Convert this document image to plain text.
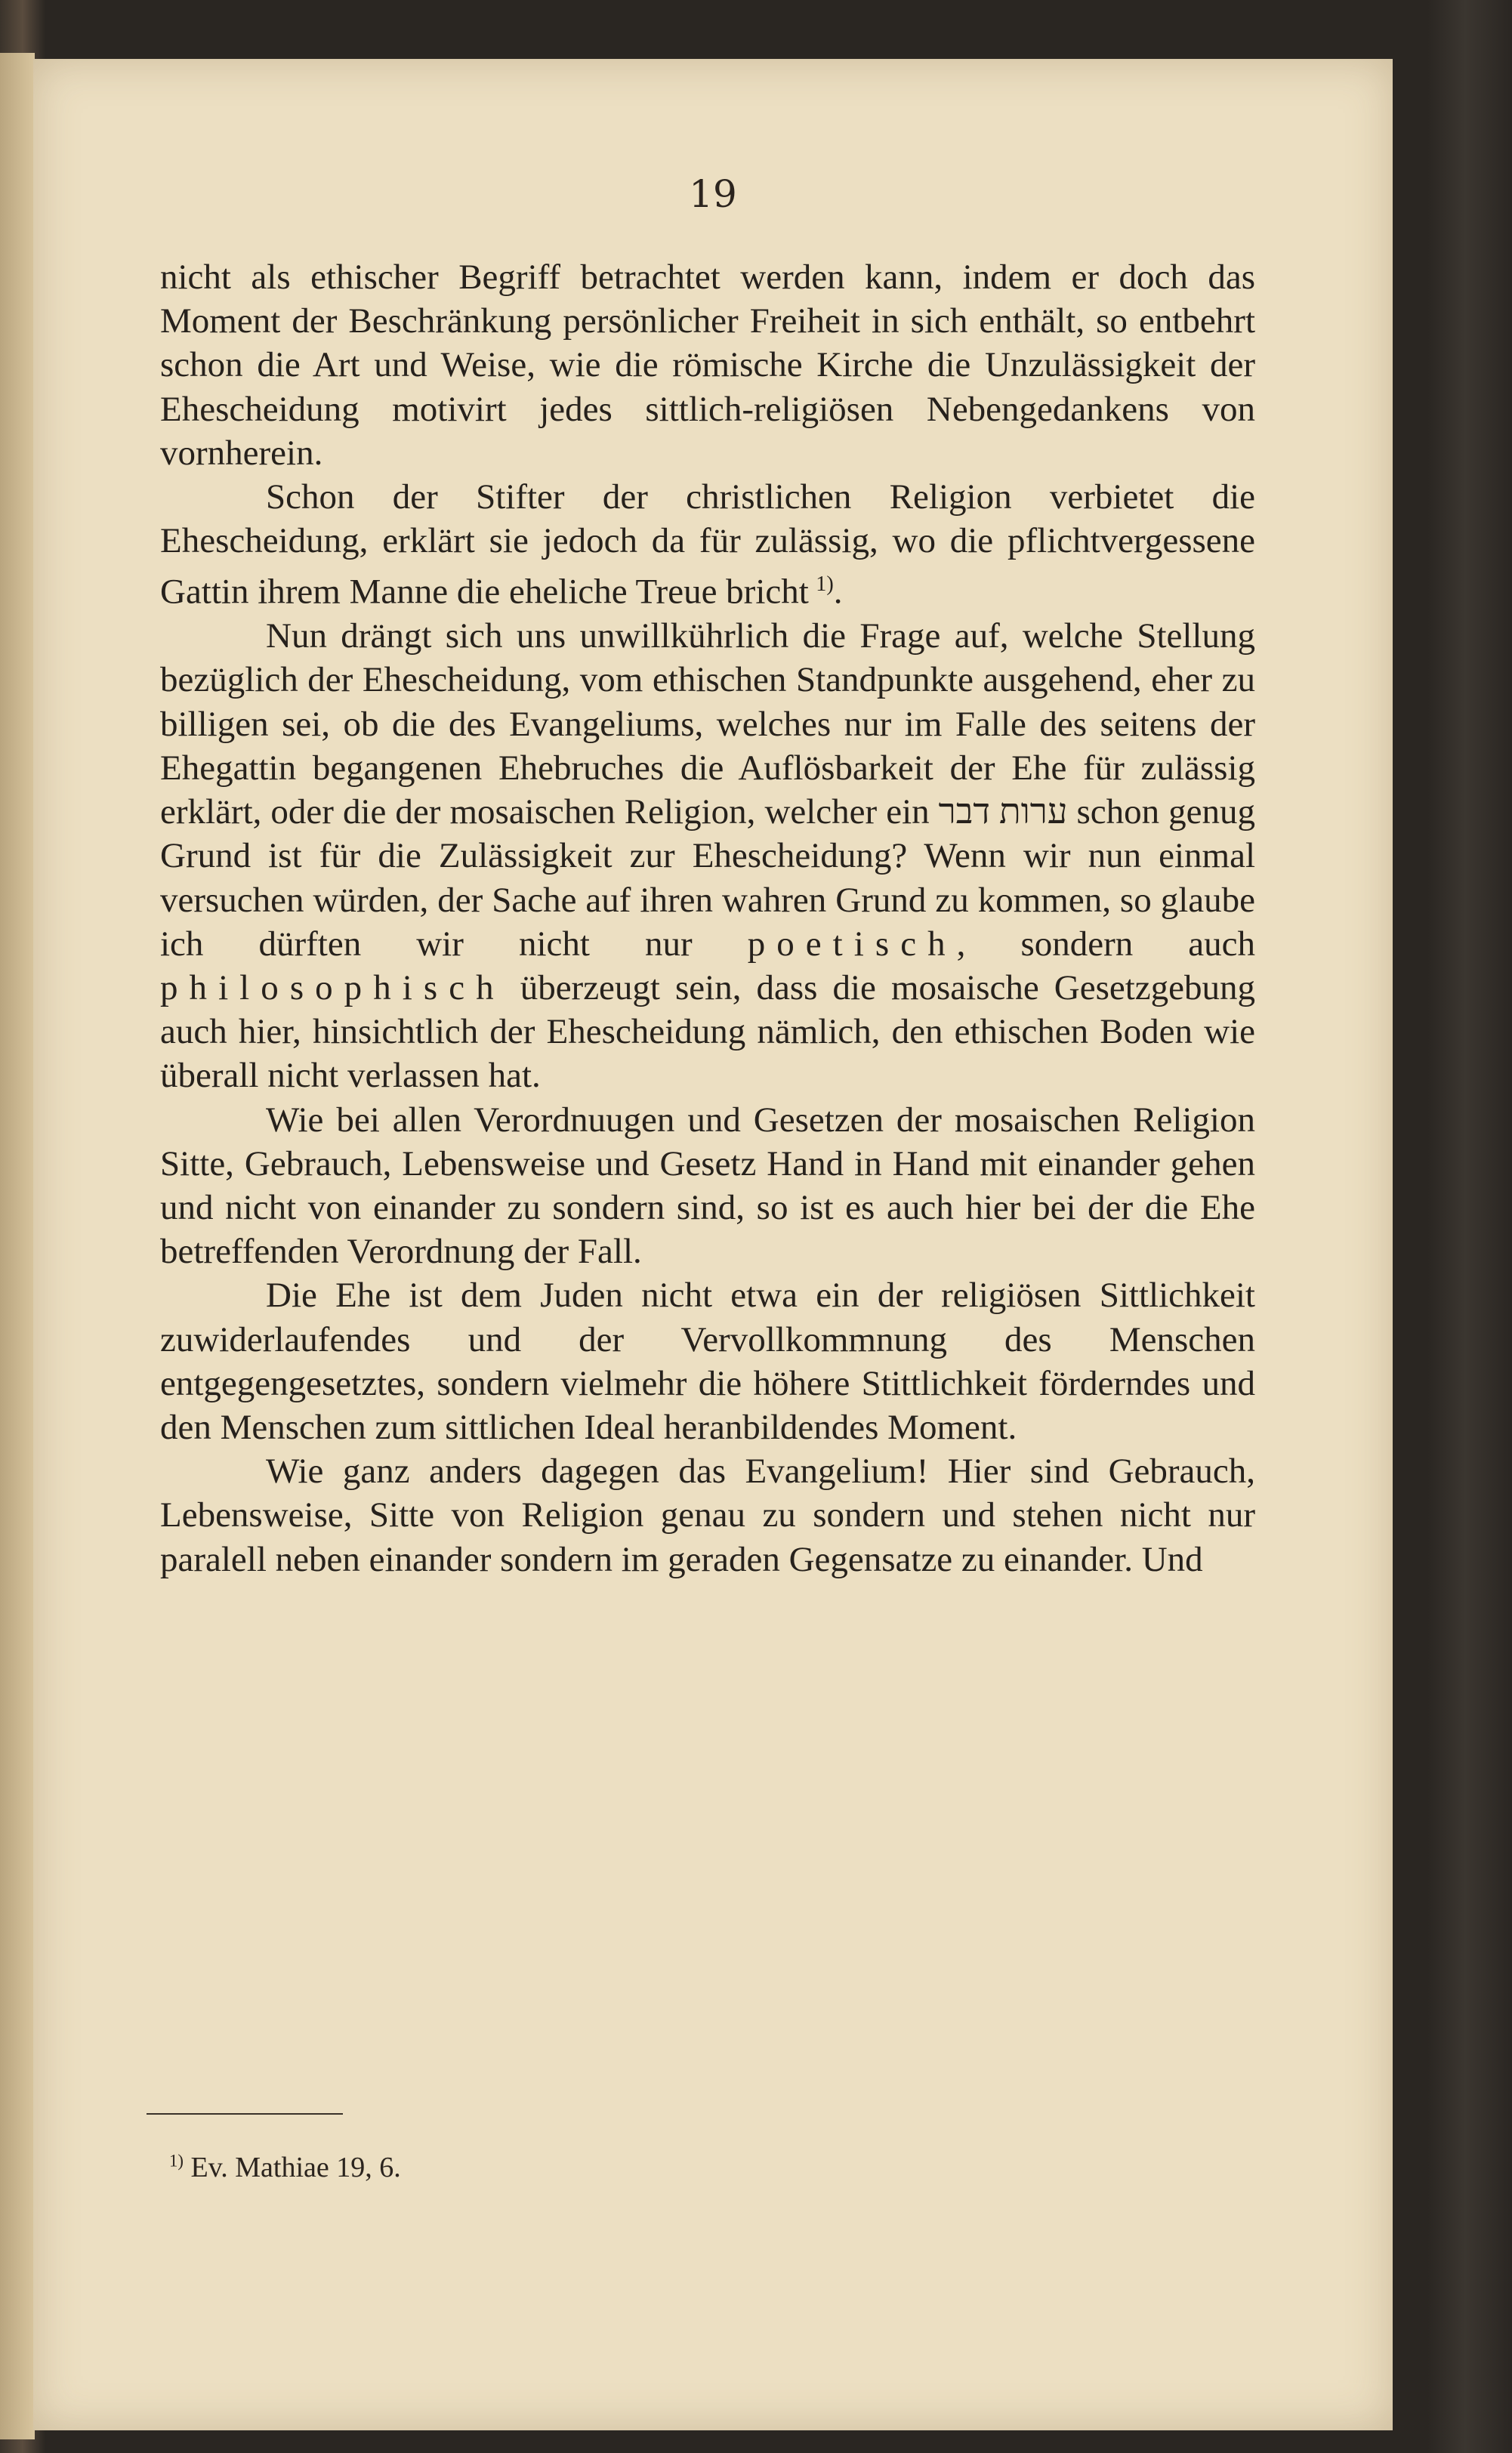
19

nicht als ethischer Begriff betrachtet werden kann, indem er doch das Moment der Beschränkung persönlicher Freiheit in sich enthält, so entbehrt schon die Art und Weise, wie die römische Kirche die Unzulässigkeit der Ehescheidung motivirt jedes sittlich-religiösen Nebengedankens von vornherein.

Schon der Stifter der christlichen Religion verbietet die Ehescheidung, erklärt sie jedoch da für zulässig, wo die pflichtvergessene Gattin ihrem Manne die eheliche Treue bricht  $^{1)}$.

Nun drängt sich uns unwillkührlich die Frage auf, welche Stellung bezüglich der Ehescheidung, vom ethischen Standpunkte ausgehend, eher zu billigen sei, ob die des Evangeliums, welches nur im Falle des seitens der Ehegattin begangenen Ehebruches die Auflösbarkeit der Ehe für zulässig erklärt, oder die der mosaischen Religion, welcher ein ערות דבר schon genug Grund ist für die Zulässigkeit zur Ehescheidung? Wenn wir nun einmal versuchen würden, der Sache auf ihren wahren Grund zu kommen, so glaube ich dürften wir nicht nur poetisch, sondern auch philosophisch überzeugt sein, dass die mosaische Gesetzgebung auch hier, hinsichtlich der Ehescheidung nämlich, den ethischen Boden wie überall nicht verlassen hat.

Wie bei allen Verordnuugen und Gesetzen der mosaischen Religion Sitte, Gebrauch, Lebensweise und Gesetz Hand in Hand mit einander gehen und nicht von einander zu sondern sind, so ist es auch hier bei der die Ehe betreffenden Verordnung der Fall.

Die Ehe ist dem Juden nicht etwa ein der religiösen Sittlichkeit zuwiderlaufendes und der Vervollkommnung des Menschen entgegengesetztes, sondern vielmehr die höhere Stittlichkeit förderndes und den Menschen zum sittlichen Ideal heranbildendes Moment.

Wie ganz anders dagegen das Evangelium! Hier sind Gebrauch, Lebensweise, Sitte von Religion genau zu sondern und stehen nicht nur paralell neben einander sondern im geraden Gegensatze zu einander. Und

$^{1)}$ Ev. Mathiae 19, 6.
